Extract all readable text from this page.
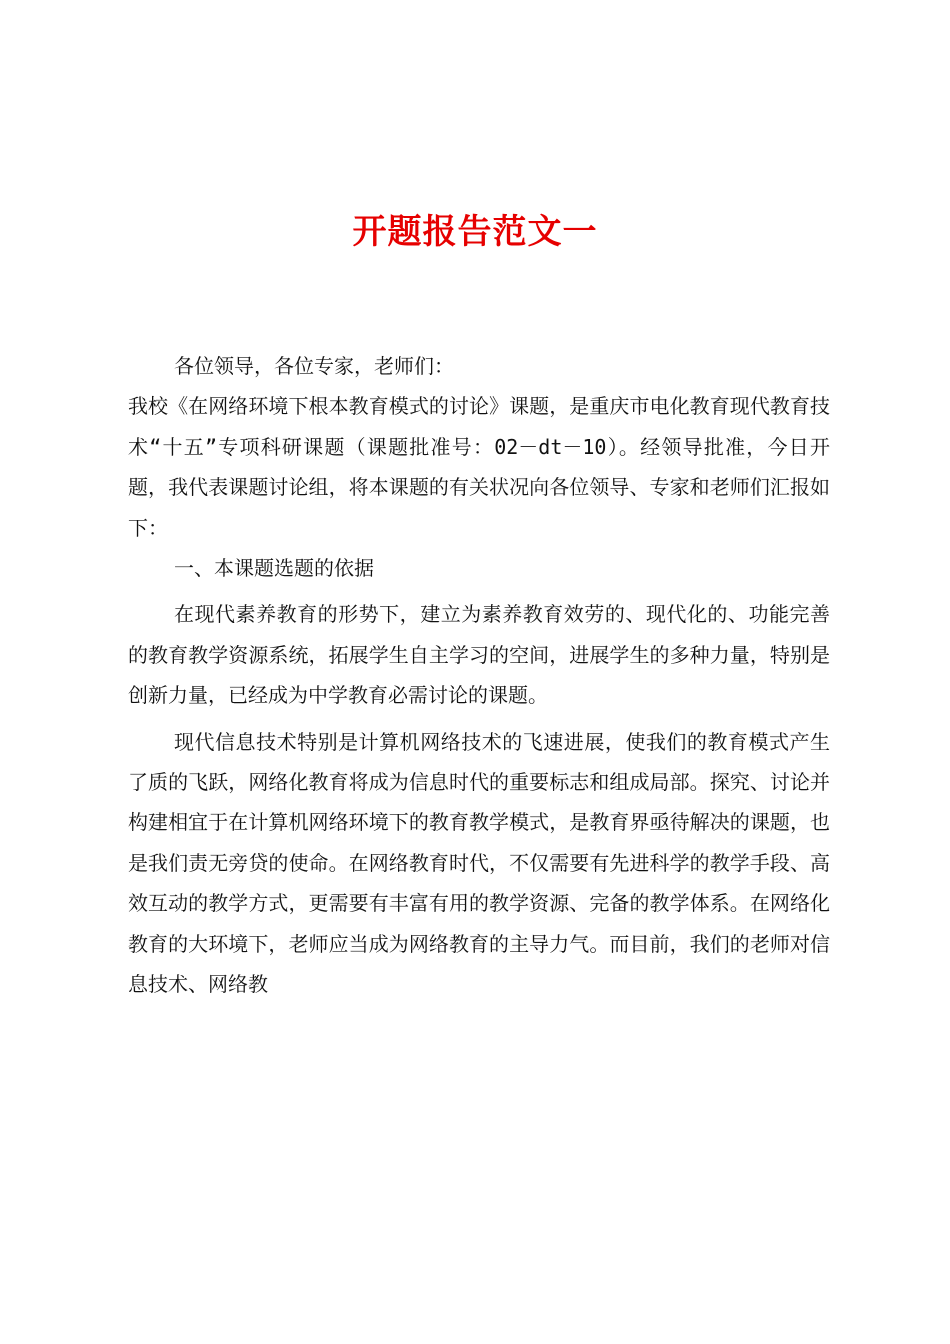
开题报告范文一

各位领导，各位专家，老师们：

我校《在网络环境下根本教育模式的讨论》课题，是重庆市电化教育现代教育技术“十五”专项科研课题（课题批准号：02－dt－10）。经领导批准，今日开题，我代表课题讨论组，将本课题的有关状况向各位领导、专家和老师们汇报如下：

一、本课题选题的依据

在现代素养教育的形势下，建立为素养教育效劳的、现代化的、功能完善的教育教学资源系统，拓展学生自主学习的空间，进展学生的多种力量，特别是创新力量，已经成为中学教育必需讨论的课题。

现代信息技术特别是计算机网络技术的飞速进展，使我们的教育模式产生了质的飞跃，网络化教育将成为信息时代的重要标志和组成局部。探究、讨论并构建相宜于在计算机网络环境下的教育教学模式，是教育界亟待解决的课题，也是我们责无旁贷的使命。在网络教育时代，不仅需要有先进科学的教学手段、高效互动的教学方式，更需要有丰富有用的教学资源、完备的教学体系。在网络化教育的大环境下，老师应当成为网络教育的主导力气。而目前，我们的老师对信息技术、网络教
